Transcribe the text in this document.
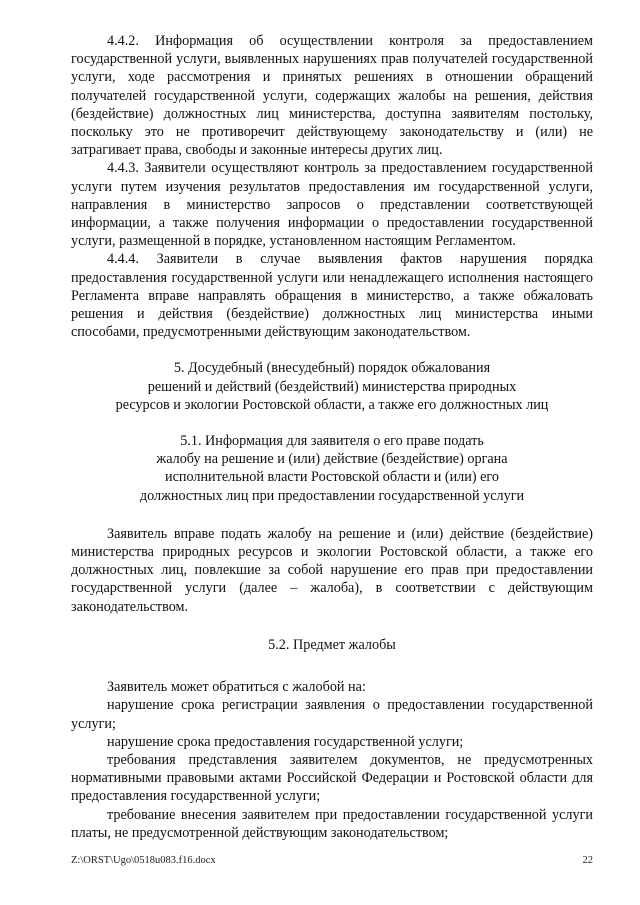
4.4.2. Информация об осуществлении контроля за предоставлением государственной услуги, выявленных нарушениях прав получателей государственной услуги, ходе рассмотрения и принятых решениях в отношении обращений получателей государственной услуги, содержащих жалобы на решения, действия (бездействие) должностных лиц министерства, доступна заявителям постольку, поскольку это не противоречит действующему законодательству и (или) не затрагивает права, свободы и законные интересы других лиц.

4.4.3. Заявители осуществляют контроль за предоставлением государственной услуги путем изучения результатов предоставления им государственной услуги, направления в министерство запросов о представлении соответствующей информации, а также получения информации о предоставлении государственной услуги, размещенной в порядке, установленном настоящим Регламентом.

4.4.4. Заявители в случае выявления фактов нарушения порядка предоставления государственной услуги или ненадлежащего исполнения настоящего Регламента вправе направлять обращения в министерство, а также обжаловать решения и действия (бездействие) должностных лиц министерства иными способами, предусмотренными действующим законодательством.

5. Досудебный (внесудебный) порядок обжалования

решений и действий (бездействий) министерства природных

ресурсов и экологии Ростовской области, а также его должностных лиц

5.1. Информация для заявителя о его праве подать

жалобу на решение и (или) действие (бездействие) органа

исполнительной власти Ростовской области и (или) его

должностных лиц при предоставлении государственной услуги

Заявитель вправе подать жалобу на решение и (или) действие (бездействие) министерства природных ресурсов и экологии Ростовской области, а также его должностных лиц, повлекшие за собой нарушение его прав при предоставлении государственной услуги (далее – жалоба), в соответствии с действующим законодательством.

5.2. Предмет жалобы

Заявитель может обратиться с жалобой на:

нарушение срока регистрации заявления о предоставлении государственной услуги;

нарушение срока предоставления государственной услуги;

требования представления заявителем документов, не предусмотренных нормативными правовыми актами Российской Федерации и Ростовской области для предоставления государственной услуги;

требование внесения заявителем при предоставлении государственной услуги платы, не предусмотренной действующим законодательством;

Z:\ORST\Ugo\0518u083.f16.docx	22
